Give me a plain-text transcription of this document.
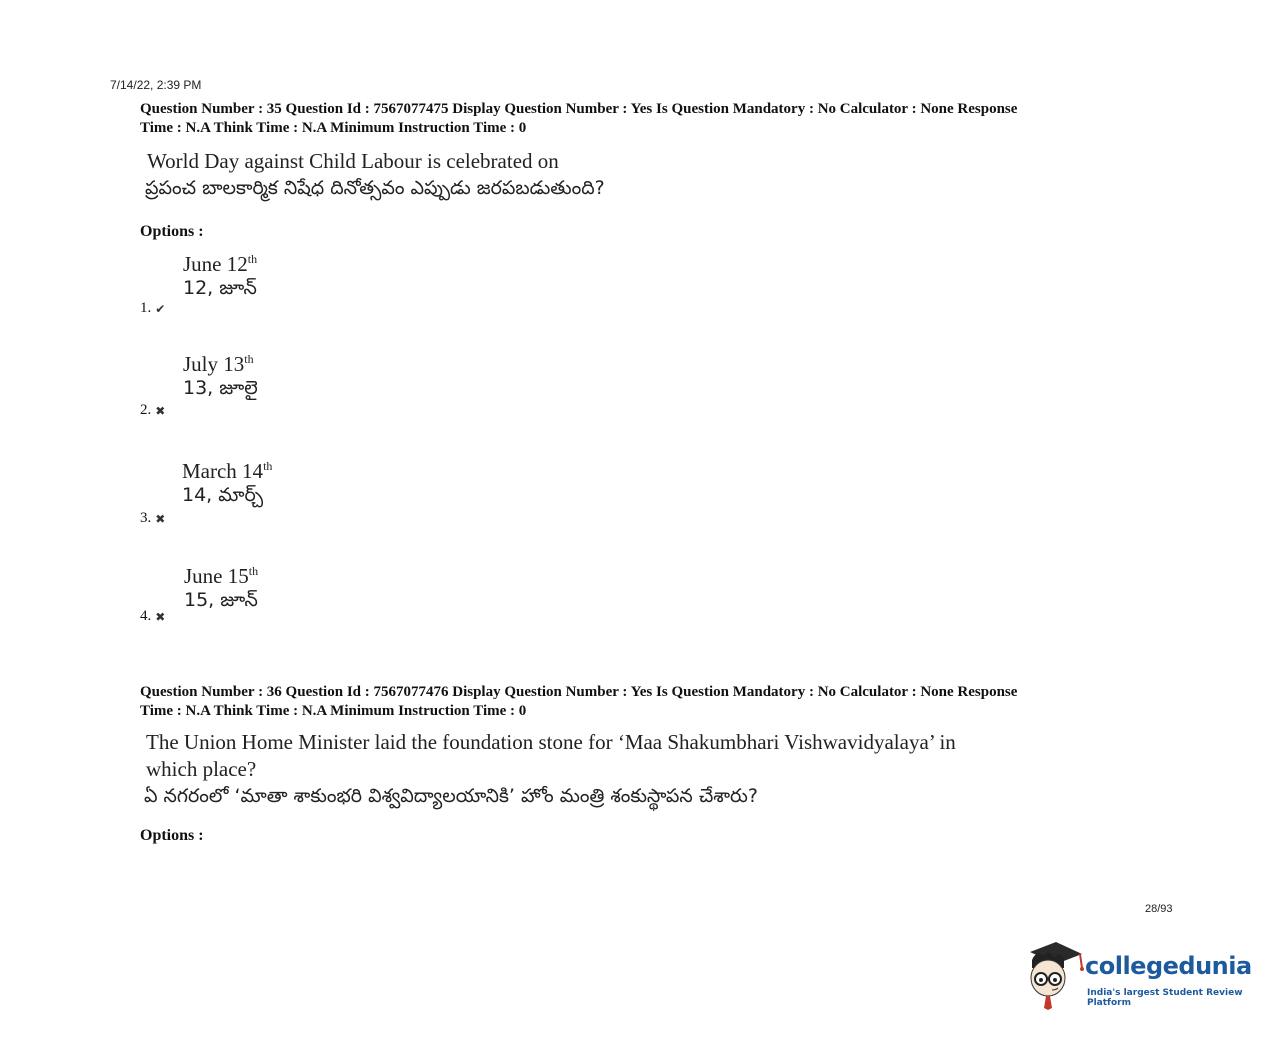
7/14/22, 2:39 PM
Question Number : 35 Question Id : 7567077475 Display Question Number : Yes Is Question Mandatory : No Calculator : None Response
Time : N.A Think Time : N.A Minimum Instruction Time : 0
World Day against Child Labour is celebrated on
ప్రపంచ బాలకార్మిక నిషేధ దినోత్సవం ఎప్పుడు జరపబడుతుంది?
Options :
June 12th
12, జూన్
1. ✔
July 13th
13, జూలై
2. ✖
March 14th
14, మార్చ్
3. ✖
June 15th
15, జూన్
4. ✖
Question Number : 36 Question Id : 7567077476 Display Question Number : Yes Is Question Mandatory : No Calculator : None Response
Time : N.A Think Time : N.A Minimum Instruction Time : 0
The Union Home Minister laid the foundation stone for ‘Maa Shakumbhari Vishwavidyalaya’ in
which place?
ఏ నగరంలో ‘మాతా శాకుంభరి విశ్వవిద్యాలయానికి’ హోం మంత్రి శంకుస్థాపన చేశారు?
Options :
28/93
collegedunia
India's largest Student Review Platform
